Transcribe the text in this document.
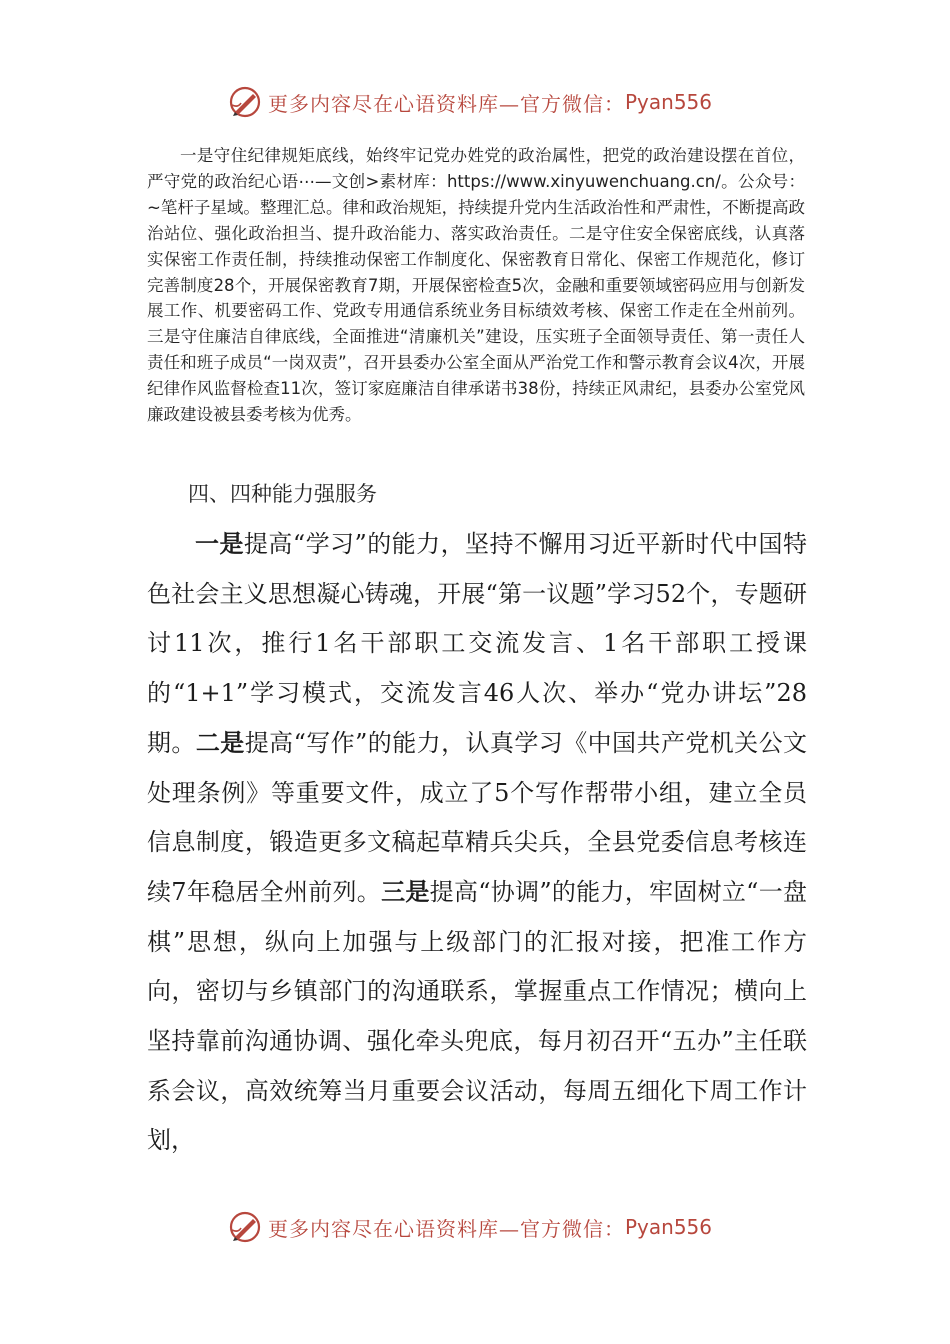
更多内容尽在心语资料库—官方微信： Pyan556

一是守住纪律规矩底线，始终牢记党办姓党的政治属性，把党的政治建设摆在首位，严守党的政治纪心语⋯—文创>素材库：https://www.xinyuwenchuang.cn/。公众号：~笔杆子星域。整理汇总。律和政治规矩，持续提升党内生活政治性和严肃性，不断提高政治站位、强化政治担当、提升政治能力、落实政治责任。二是守住安全保密底线，认真落实保密工作责任制，持续推动保密工作制度化、保密教育日常化、保密工作规范化，修订完善制度28个，开展保密教育7期，开展保密检查5次，金融和重要领域密码应用与创新发展工作、机要密码工作、党政专用通信系统业务目标绩效考核、保密工作走在全州前列。三是守住廉洁自律底线，全面推进“清廉机关”建设，压实班子全面领导责任、第一责任人责任和班子成员“一岗双责”，召开县委办公室全面从严治党工作和警示教育会议4次，开展纪律作风监督检查11次，签订家庭廉洁自律承诺书38份，持续正风肃纪，县委办公室党风廉政建设被县委考核为优秀。

四、四种能力强服务

一是提高“学习”的能力，坚持不懈用习近平新时代中国特色社会主义思想凝心铸魂，开展“第一议题”学习52个，专题研讨11次，推行1名干部职工交流发言、1名干部职工授课的“1+1”学习模式，交流发言46人次、举办“党办讲坛”28期。二是提高“写作”的能力，认真学习《中国共产党机关公文处理条例》等重要文件，成立了5个写作帮带小组，建立全员信息制度，锻造更多文稿起草精兵尖兵，全县党委信息考核连续7年稳居全州前列。三是提高“协调”的能力，牢固树立“一盘棋”思想，纵向上加强与上级部门的汇报对接，把准工作方向，密切与乡镇部门的沟通联系，掌握重点工作情况；横向上坚持靠前沟通协调、强化牵头兜底，每月初召开“五办”主任联系会议，高效统筹当月重要会议活动，每周五细化下周工作计划，

更多内容尽在心语资料库—官方微信： Pyan556
